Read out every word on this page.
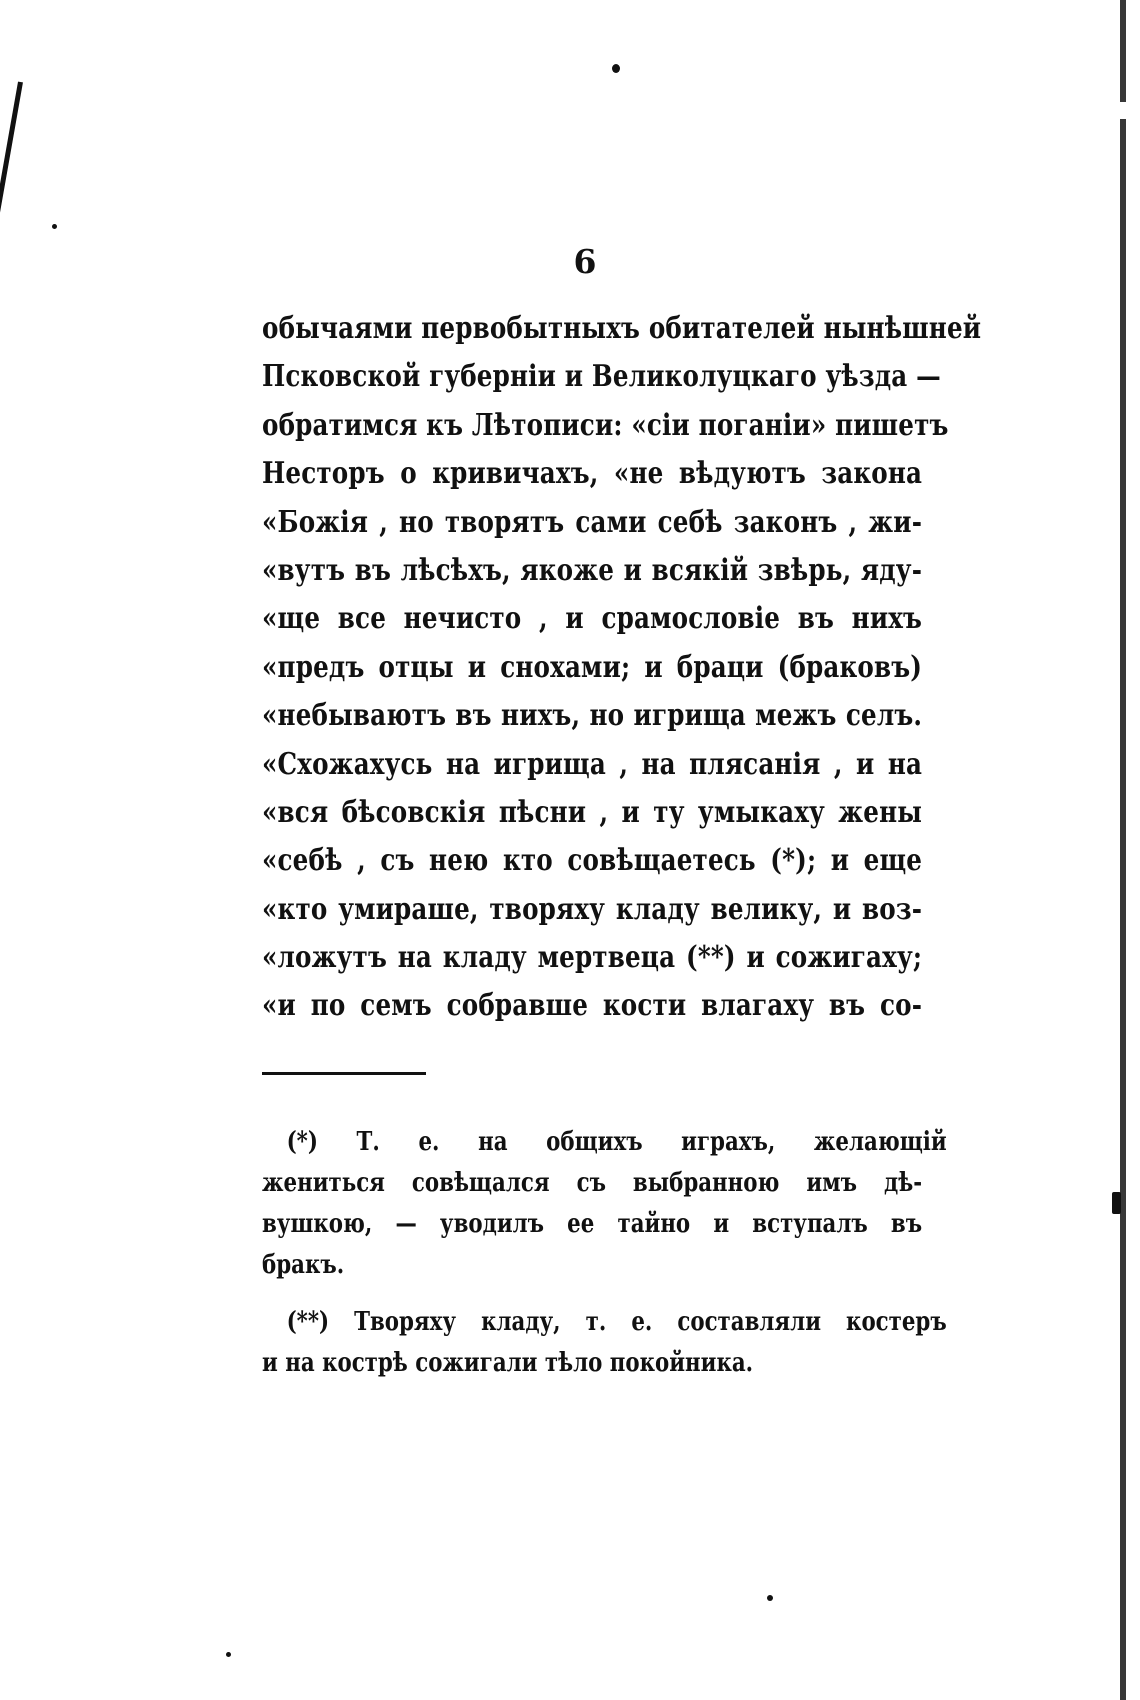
6
обычаями первобытныхъ обитателей нынѣшней
Псковской губерніи и Великолуцкаго уѣзда —
обратимся къ Лѣтописи: «сіи поганіи» пишетъ
Несторъ о кривичахъ, «не вѣдуютъ закона
«Божія , но творятъ сами себѣ законъ , жи-
«вутъ въ лѣсѣхъ, якоже и всякій звѣрь, яду-
«ще все нечисто , и срамословіе въ нихъ
«предъ отцы и снохами; и браци (браковъ)
«небываютъ въ нихъ, но игрища межъ селъ.
«Схожахусь на игрища , на плясанія , и на
«вся бѣсовскія пѣсни , и ту умыкаху жены
«себѣ , съ нею кто совѣщаетесь (*); и еще
«кто умираше, творяху кладу велику, и воз-
«ложутъ на кладу мертвеца (**) и сожигаху;
«и по семъ собравше кости влагаху въ со-
(*) Т. е. на общихъ играхъ, желающій
жениться совѣщался съ выбранною имъ дѣ-
вушкою, — уводилъ ее тайно и вступалъ въ
бракъ.
(**) Творяху кладу, т. е. составляли костеръ
и на кострѣ сожигали тѣло покойника.
